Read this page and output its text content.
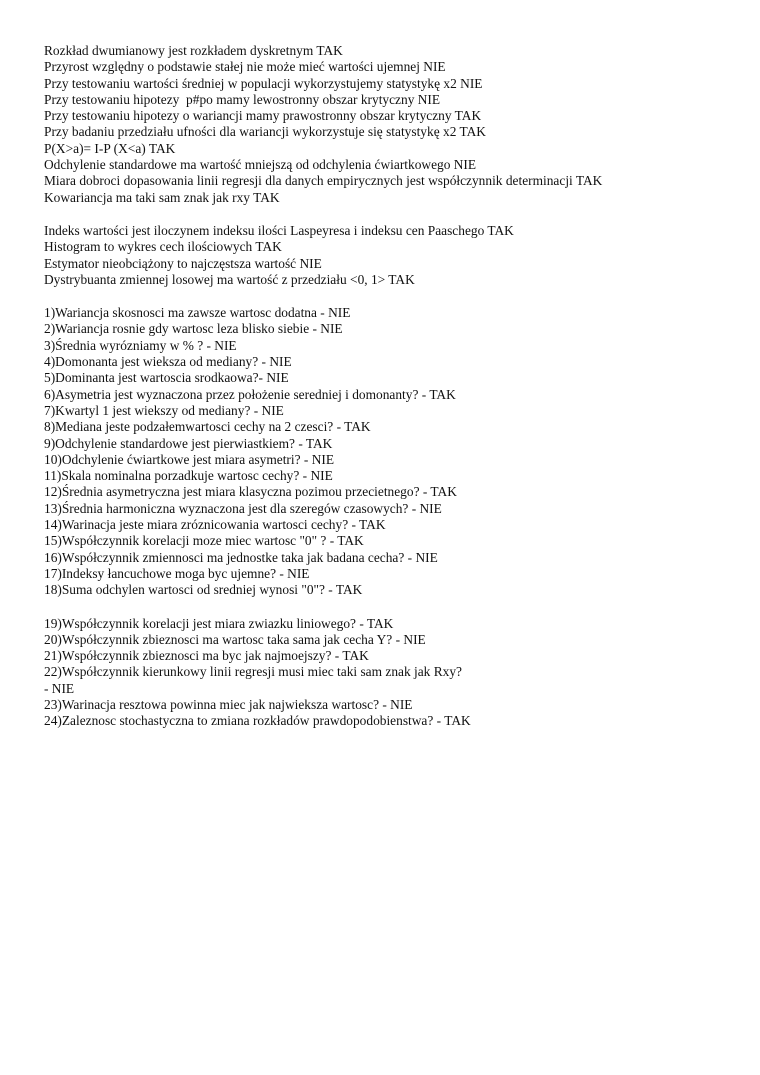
Rozkład dwumianowy jest rozkładem dyskretnym TAK
Przyrost względny o podstawie stałej nie może mieć wartości ujemnej NIE
Przy testowaniu wartości średniej w populacji wykorzystujemy statystykę x2 NIE
Przy testowaniu hipotezy  p#po mamy lewostronny obszar krytyczny NIE
Przy testowaniu hipotezy o wariancji mamy prawostronny obszar krytyczny TAK
Przy badaniu przedziału ufności dla wariancji wykorzystuje się statystykę x2 TAK
P(X>a)= I-P (X<a) TAK
Odchylenie standardowe ma wartość mniejszą od odchylenia ćwiartkowego NIE
Miara dobroci dopasowania linii regresji dla danych empirycznych jest współczynnik determinacji TAK
Kowariancja ma taki sam znak jak rxy TAK
Indeks wartości jest iloczynem indeksu ilości Laspeyresa i indeksu cen Paaschego TAK
Histogram to wykres cech ilościowych TAK
Estymator nieobciążony to najczęstsza wartość NIE
Dystrybuanta zmiennej losowej ma wartość z przedziału <0, 1> TAK
1)Wariancja skosnosci ma zawsze wartosc dodatna - NIE
2)Wariancja rosnie gdy wartosc leza blisko siebie - NIE
3)Średnia wyrózniamy w % ? - NIE
4)Domonanta jest wieksza od mediany? - NIE
5)Dominanta jest wartoscia srodkaowa?- NIE
6)Asymetria jest wyznaczona przez położenie seredniej i domonanty? - TAK
7)Kwartyl 1 jest wiekszy od mediany? - NIE
8)Mediana jeste podzałemwartosci cechy na 2 czesci? - TAK
9)Odchylenie standardowe jest pierwiastkiem? - TAK
10)Odchylenie ćwiartkowe jest miara asymetri? - NIE
11)Skala nominalna porzadkuje wartosc cechy? - NIE
12)Średnia asymetryczna jest miara klasyczna pozimou przecietnego? - TAK
13)Średnia harmoniczna wyznaczona jest dla szeregów czasowych? - NIE
14)Warinacja jeste miara zróznicowania wartosci cechy? - TAK
15)Współczynnik korelacji moze miec wartosc "0" ? - TAK
16)Współczynnik zmiennosci ma jednostke taka jak badana cecha? - NIE
17)Indeksy łancuchowe moga byc ujemne? - NIE
18)Suma odchylen wartosci od sredniej wynosi "0"? - TAK
19)Współczynnik korelacji jest miara zwiazku liniowego? - TAK
20)Współczynnik zbieznosci ma wartosc taka sama jak cecha Y? - NIE
21)Współczynnik zbieznosci ma byc jak najmoejszy? - TAK
22)Współczynnik kierunkowy linii regresji musi miec taki sam znak jak Rxy?
- NIE
23)Warinacja resztowa powinna miec jak najwieksza wartosc? - NIE
24)Zaleznosc stochastyczna to zmiana rozkładów prawdopodobienstwa? - TAK
